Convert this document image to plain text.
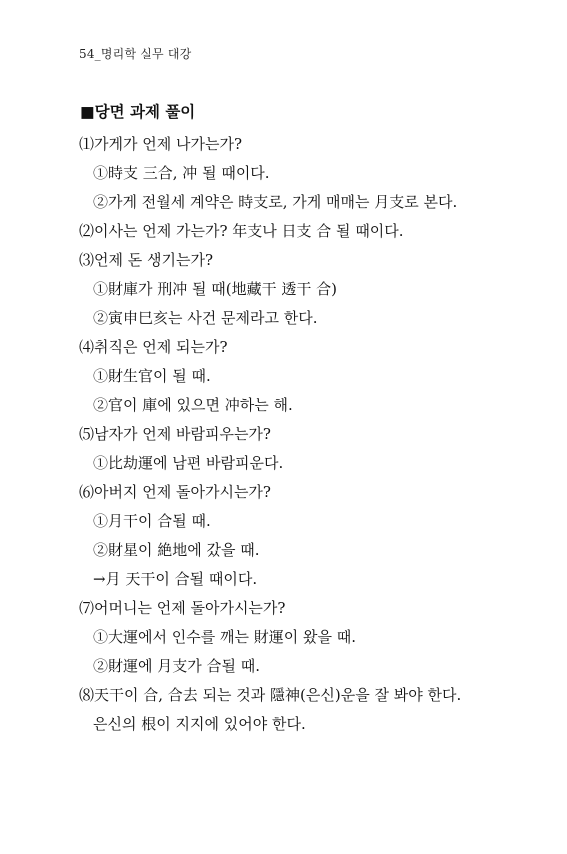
54_명리학 실무 대강
■당면 과제 풀이
⑴가게가 언제 나가는가?
①時支 三合, 冲 될 때이다.
②가게 전월세 계약은 時支로, 가게 매매는 月支로 본다.
⑵이사는 언제 가는가? 年支나 日支 合 될 때이다.
⑶언제 돈 생기는가?
①財庫가 刑冲 될 때(地藏干 透干 合)
②寅申巳亥는 사건 문제라고 한다.
⑷취직은 언제 되는가?
①財生官이 될 때.
②官이 庫에 있으면 冲하는 해.
⑸남자가 언제 바람피우는가?
①比劫運에 남편 바람피운다.
⑹아버지 언제 돌아가시는가?
①月干이 合될 때.
②財星이 絶地에 갔을 때.
→月 天干이 合될 때이다.
⑺어머니는 언제 돌아가시는가?
①大運에서 인수를 깨는 財運이 왔을 때.
②財運에 月支가 合될 때.
⑻天干이 合, 合去 되는 것과 隱神(은신)운을 잘 봐야 한다.
은신의 根이 지지에 있어야 한다.
